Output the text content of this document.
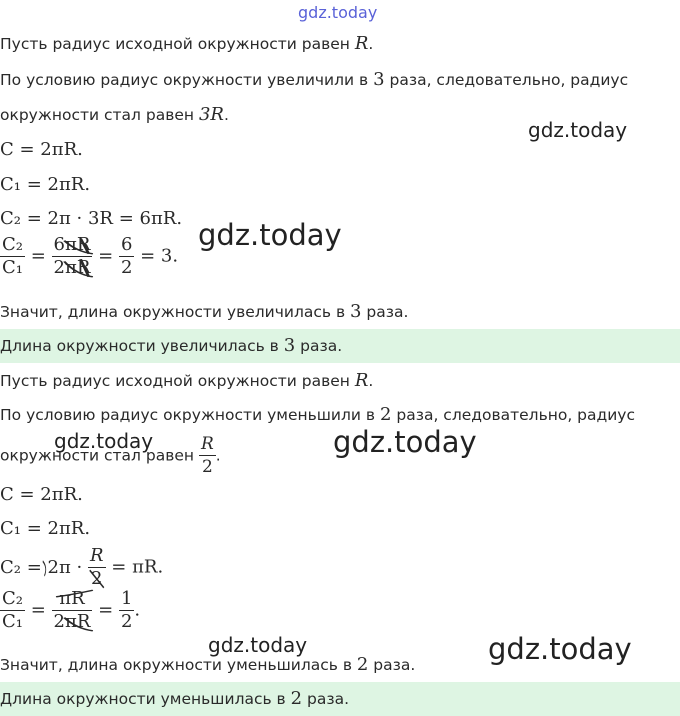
gdz.today
gdz.today
gdz.today
gdz.today	gdz.today
gdz.today	gdz.today
Пусть радиус исходной окружности равен R.
По условию радиус окружности увеличили в 3 раза, следовательно, радиус
окружности стал равен 3R.
C = 2πR.
C₁ = 2πR.
C₂ = 2π · 3R = 6πR.
$\frac{\text{C₂}}{\text{C₁}} = \frac{6\pi R}{2\pi R} = \frac{6}{2} = 3$.
Значит, длина окружности увеличилась в 3 раза.
Длина окружности увеличилась в 3 раза.
Пусть радиус исходной окружности равен R.
По условию радиус окружности уменьшили в 2 раза, следовательно, радиус
окружности стал равен $\frac{R}{2}$ .
C = 2πR.
C₁ = 2πR.
C₂ = 2π ·
$\frac{R}{2} = \pi R$.
$\frac{\text{C₂}}{\text{C₁}} = \frac{\pi R}{2\pi R} = \frac{1}{2}$ .
Значит, длина окружности уменьшилась в 2 раза.
Длина окружности уменьшилась в 2 раза.
